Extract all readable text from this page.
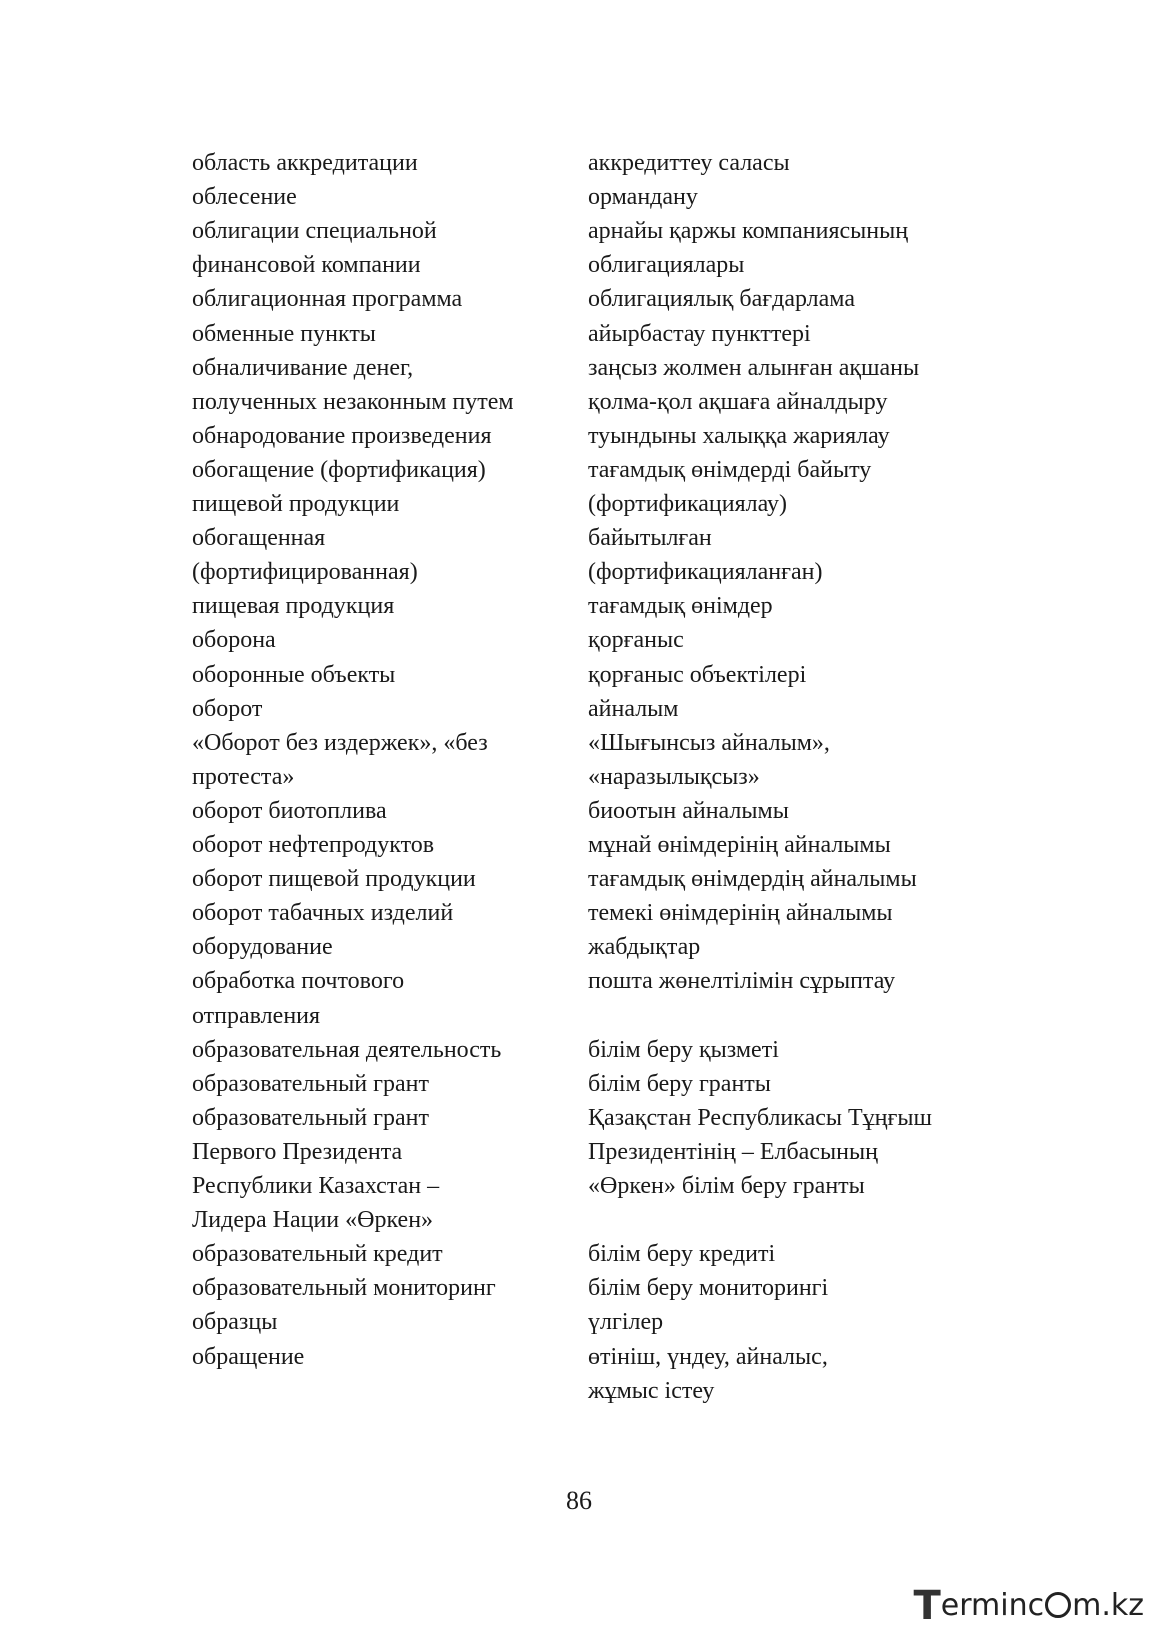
область аккредитации	аккредиттеу саласы
облесение	ормандану
облигации специальной	арнайы қаржы компаниясының
финансовой компании	облигациялары
облигационная программа	облигациялық бағдарлама
обменные пункты	айырбастау пункттері
обналичивание денег,	заңсыз жолмен алынған ақшаны
полученных незаконным путем	қолма-қол ақшаға айналдыру
обнародование произведения	туындыны халыққа жариялау
обогащение (фортификация)	тағамдық өнімдерді байыту
пищевой продукции	(фортификациялау)
обогащенная	байытылған
(фортифицированная)	(фортификацияланған)
пищевая продукция	тағамдық өнімдер
оборона	қорғаныс
оборонные объекты	қорғаныс объектілері
оборот	айналым
«Оборот без издержек», «без	«Шығынсыз айналым»,
протеста»	«наразылықсыз»
оборот биотоплива	биоотын айналымы
оборот нефтепродуктов	мұнай өнімдерінің айналымы
оборот пищевой продукции	тағамдық өнімдердің айналымы
оборот табачных изделий	темекі өнімдерінің айналымы
оборудование	жабдықтар
обработка почтового	пошта жөнелтілімін сұрыптау
отправления
образовательная деятельность	білім беру қызметі
образовательный грант	білім беру гранты
образовательный грант	Қазақстан Республикасы Тұңғыш
Первого Президента	Президентінің – Елбасының
Республики Казахстан –	«Өркен» білім беру гранты
Лидера Нации «Өркен»
образовательный кредит	білім беру кредиті
образовательный мониторинг	білім беру мониторингі
образцы	үлгілер
обращение	өтініш, үндеу, айналыс,
жұмыс істеу
86
Terminc m.kz
